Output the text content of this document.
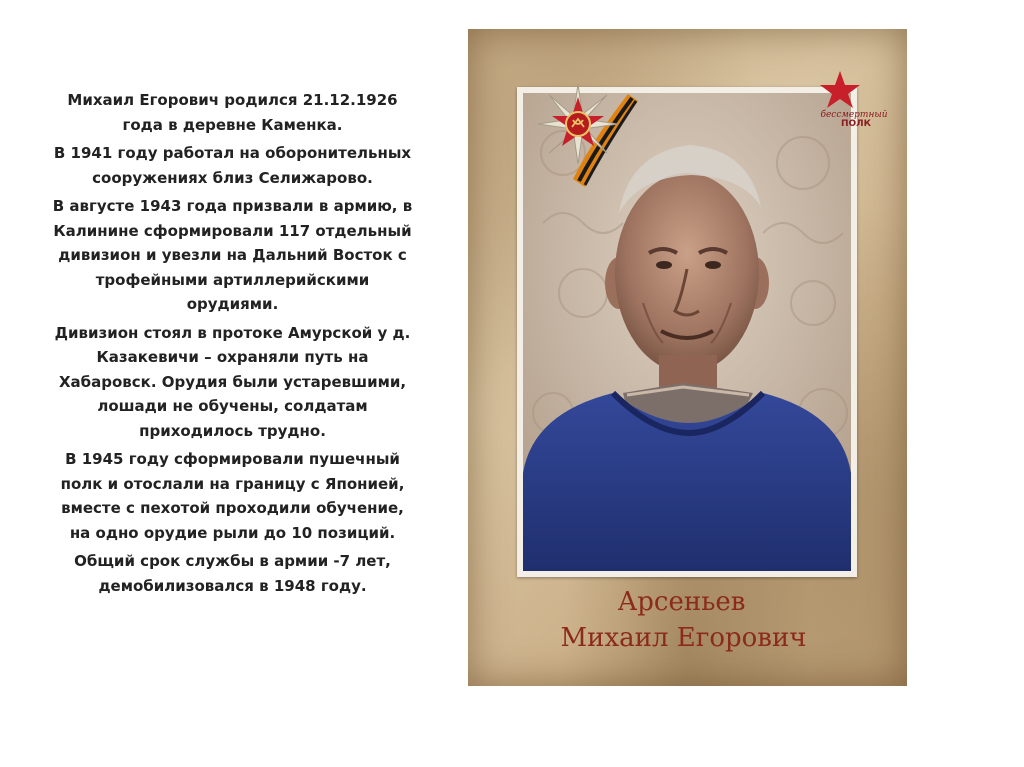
Михаил Егорович родился 21.12.1926 года в деревне Каменка.

В 1941 году работал на оборонительных сооружениях близ Селижарово.

В августе 1943 года призвали в армию, в Калинине сформировали 117 отдельный дивизион и увезли на Дальний Восток с трофейными артиллерийскими орудиями.

Дивизион стоял в протоке Амурской у д. Казакевичи – охраняли путь на Хабаровск. Орудия были устаревшими, лошади не обучены, солдатам приходилось трудно.

В 1945 году сформировали пушечный полк и отослали на границу с Японией, вместе с пехотой проходили обучение, на одно орудие рыли до 10 позиций.

Общий срок службы в армии -7 лет, демобилизовался в 1948 году.

бессмертный
ПОЛК
Арсеньев
Михаил Егорович
